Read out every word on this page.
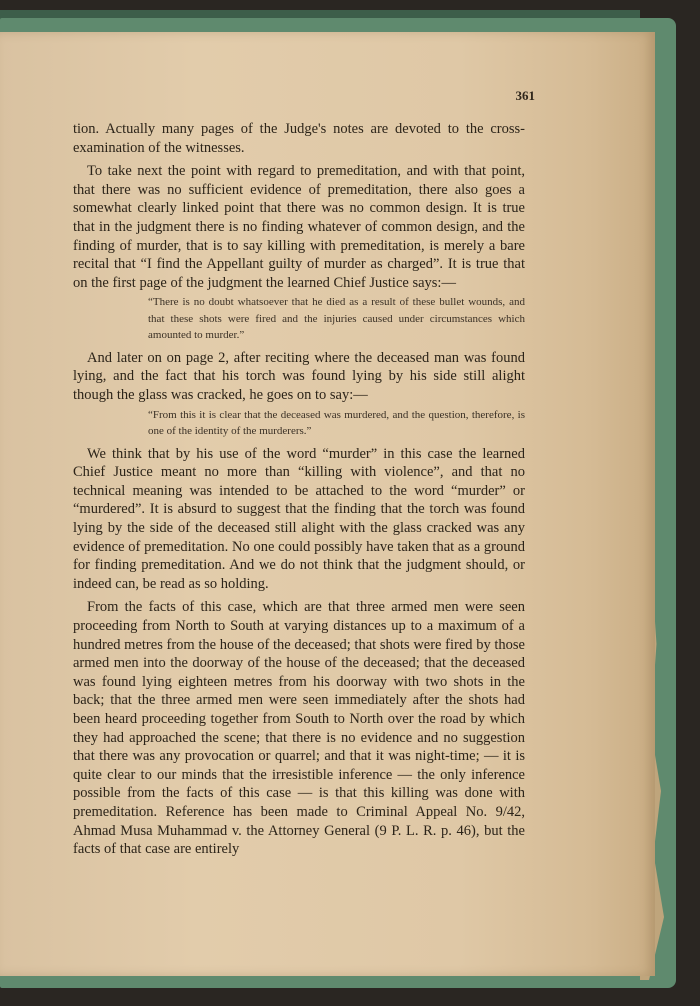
361

tion. Actually many pages of the Judge's notes are devoted to the cross-examination of the witnesses.

To take next the point with regard to premeditation, and with that point, that there was no sufficient evidence of premeditation, there also goes a somewhat clearly linked point that there was no common design. It is true that in the judgment there is no finding whatever of common design, and the finding of murder, that is to say killing with premeditation, is merely a bare recital that “I find the Appellant guilty of murder as charged”. It is true that on the first page of the judgment the learned Chief Justice says:—

“There is no doubt whatsoever that he died as a result of these bullet wounds, and that these shots were fired and the injuries caused under circumstances which amounted to murder.”

And later on on page 2, after reciting where the deceased man was found lying, and the fact that his torch was found lying by his side still alight though the glass was cracked, he goes on to say:—

“From this it is clear that the deceased was murdered, and the question, therefore, is one of the identity of the murderers.”

We think that by his use of the word “murder” in this case the learned Chief Justice meant no more than “killing with violence”, and that no technical meaning was intended to be attached to the word “murder” or “murdered”. It is absurd to suggest that the finding that the torch was found lying by the side of the deceased still alight with the glass cracked was any evidence of premeditation. No one could possibly have taken that as a ground for finding premeditation. And we do not think that the judgment should, or indeed can, be read as so holding.

From the facts of this case, which are that three armed men were seen proceeding from North to South at varying distances up to a maximum of a hundred metres from the house of the deceased; that shots were fired by those armed men into the doorway of the house of the deceased; that the deceased was found lying eighteen metres from his doorway with two shots in the back; that the three armed men were seen immediately after the shots had been heard proceeding together from South to North over the road by which they had approached the scene; that there is no evidence and no suggestion that there was any provocation or quarrel; and that it was night-time; — it is quite clear to our minds that the irresistible inference — the only inference possible from the facts of this case — is that this killing was done with premeditation. Reference has been made to Criminal Appeal No. 9/42, Ahmad Musa Muhammad v. the Attorney General (9 P. L. R. p. 46), but the facts of that case are entirely
